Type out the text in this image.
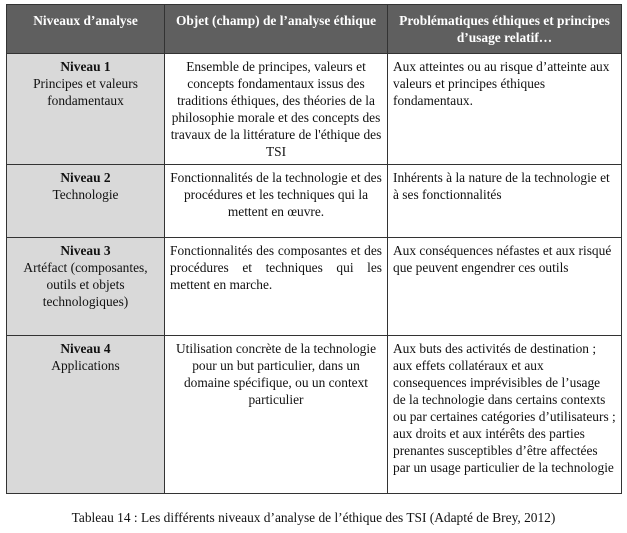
Niveaux d’analyse	Objet (champ) de l’analyse éthique	Problématiques éthiques et principes d’usage relatif…

Niveau 1
Principes et valeurs fondamentaux	Ensemble de principes, valeurs et concepts fondamentaux issus des traditions éthiques, des théories de la philosophie morale et des concepts des travaux de la littérature de l'éthique des TSI	Aux atteintes ou au risque d’atteinte aux valeurs et principes éthiques fondamentaux.

Niveau 2
Technologie	Fonctionnalités de la technologie et des procédures et les techniques qui la mettent en œuvre.	Inhérents à la nature de la technologie et à ses fonctionnalités

Niveau 3
Artéfact (composantes, outils et objets technologiques)	Fonctionnalités des composantes et des procédures et techniques qui les mettent en marche.	Aux conséquences néfastes et aux risqué que peuvent engendrer ces outils

Niveau 4
Applications	Utilisation concrète de la technologie pour un but particulier, dans un domaine spécifique, ou un context particulier	Aux buts des activités de destination ; aux effets collatéraux et aux consequences imprévisibles de l’usage de la technologie dans certains contexts ou par certaines catégories d’utilisateurs ; aux droits et aux intérêts des parties prenantes susceptibles d’être affectées par un usage particulier de la technologie
Tableau 14 : Les différents niveaux d’analyse de l’éthique des TSI (Adapté de Brey, 2012)
